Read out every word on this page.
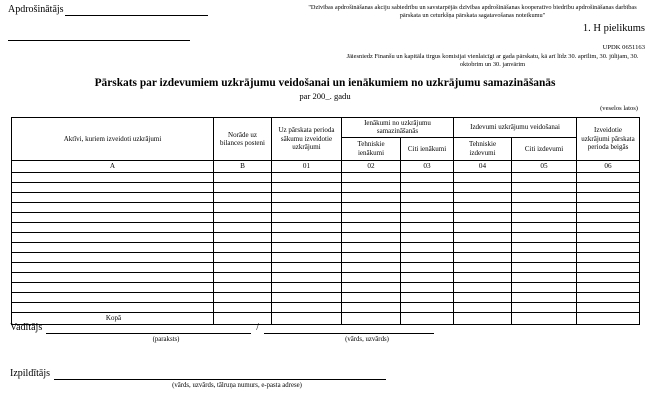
Apdrošinātājs	"Dzīvības apdrošināšanas akciju sabiedrību un savstarpējās dzīvības apdrošināšanas kooperatīvo biedrību apdrošināšanas darbības pārskata un ceturkšņa pārskata sagatavošanas noteikumu"
1. H pielikums
UPDK 0651163
Jāiesniedz Finanšu un kapitāla tirgus komisijai vienlaicīgi ar gada pārskatu, kā arī līdz 30. aprīlim, 30. jūlijam, 30. oktobrim un 30. janvārim
Pārskats par izdevumiem uzkrājumu veidošanai un ienākumiem no uzkrājumu samazināšanās
par 200_. gadu
(veselos latos)
Aktīvi, kuriem izveidoti uzkrājumi	Norāde uz bilances posteni	Uz pārskata perioda sākumu izveidotie uzkrājumi	Ienākumi no uzkrājumu samazināšanās		Izdevumi uzkrājumu veidošanai		Izveidotie uzkrājumi pārskata perioda beigās
			Tehniskie ienākumi	Citi ienākumi	Tehniskie izdevumi	Citi izdevumi	
A	B	01	02	03	04	05	06

Kopā							
Vadītājs	/
(paraksts)	(vārds, uzvārds)
Izpildītājs
(vārds, uzvārds, tālruņa numurs, e-pasta adrese)
